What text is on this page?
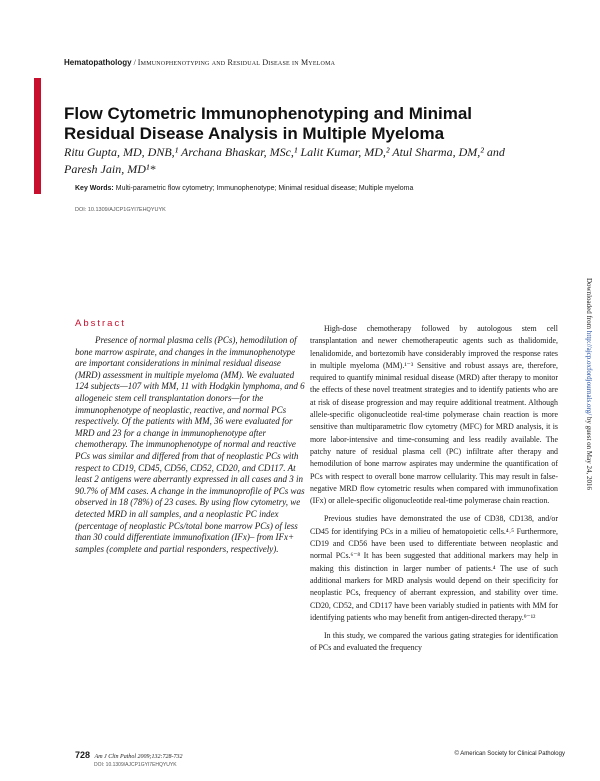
Hematopathology / Immunophenotyping and Residual Disease in Myeloma
Flow Cytometric Immunophenotyping and Minimal Residual Disease Analysis in Multiple Myeloma
Ritu Gupta, MD, DNB,¹ Archana Bhaskar, MSc,¹ Lalit Kumar, MD,² Atul Sharma, DM,² and Paresh Jain, MD¹*
Key Words: Multi-parametric flow cytometry; Immunophenotype; Minimal residual disease; Multiple myeloma
DOI: 10.1309/AJCP1GYI7EHQYUYK
Downloaded from http://ajcp.oxfordjournals.org/ by guest on May 24, 2016
Abstract

Presence of normal plasma cells (PCs), hemodilution of bone marrow aspirate, and changes in the immunophenotype are important considerations in minimal residual disease (MRD) assessment in multiple myeloma (MM). We evaluated 124 subjects—107 with MM, 11 with Hodgkin lymphoma, and 6 allogeneic stem cell transplantation donors—for the immunophenotype of neoplastic, reactive, and normal PCs respectively. Of the patients with MM, 36 were evaluated for MRD and 23 for a change in immunophenotype after chemotherapy. The immunophenotype of normal and reactive PCs was similar and differed from that of neoplastic PCs with respect to CD19, CD45, CD56, CD52, CD20, and CD117. At least 2 antigens were aberrantly expressed in all cases and 3 in 90.7% of MM cases. A change in the immunoprofile of PCs was observed in 18 (78%) of 23 cases. By using flow cytometry, we detected MRD in all samples, and a neoplastic PC index (percentage of neoplastic PCs/total bone marrow PCs) of less than 30 could differentiate immunofixation (IFx)– from IFx+ samples (complete and partial responders, respectively).

High-dose chemotherapy followed by autologous stem cell transplantation and newer chemotherapeutic agents such as thalidomide, lenalidomide, and bortezomib have considerably improved the response rates in multiple myeloma (MM).¹⁻³ Sensitive and robust assays are, therefore, required to quantify minimal residual disease (MRD) after therapy to monitor the effects of these novel treatment strategies and to identify patients who are at risk of disease progression and may require additional treatment. Although allele-specific oligonucleotide real-time polymerase chain reaction is more sensitive than multiparametric flow cytometry (MFC) for MRD analysis, it is more labor-intensive and time-consuming and less readily available. The patchy nature of residual plasma cell (PC) infiltrate after therapy and hemodilution of bone marrow aspirates may undermine the quantification of PCs with respect to overall bone marrow cellularity. This may result in false-negative MRD flow cytometric results when compared with immunofixation (IFx) or allele-specific oligonucleotide real-time polymerase chain reaction.

Previous studies have demonstrated the use of CD38, CD138, and/or CD45 for identifying PCs in a milieu of hematopoietic cells.⁴˒⁵ Furthermore, CD19 and CD56 have been used to differentiate between neoplastic and normal PCs.⁶⁻⁸ It has been suggested that additional markers may help in making this distinction in larger number of patients.⁴ The use of such additional markers for MRD analysis would depend on their specificity for neoplastic PCs, frequency of aberrant expression, and stability over time. CD20, CD52, and CD117 have been variably studied in patients with MM for identifying patients who may benefit from antigen-directed therapy.⁹⁻¹²

In this study, we compared the various gating strategies for identification of PCs and evaluated the frequency

728 Am J Clin Pathol 2009;132:728-732	© American Society for Clinical Pathology
DOI: 10.1309/AJCP1GYI7EHQYUYK
